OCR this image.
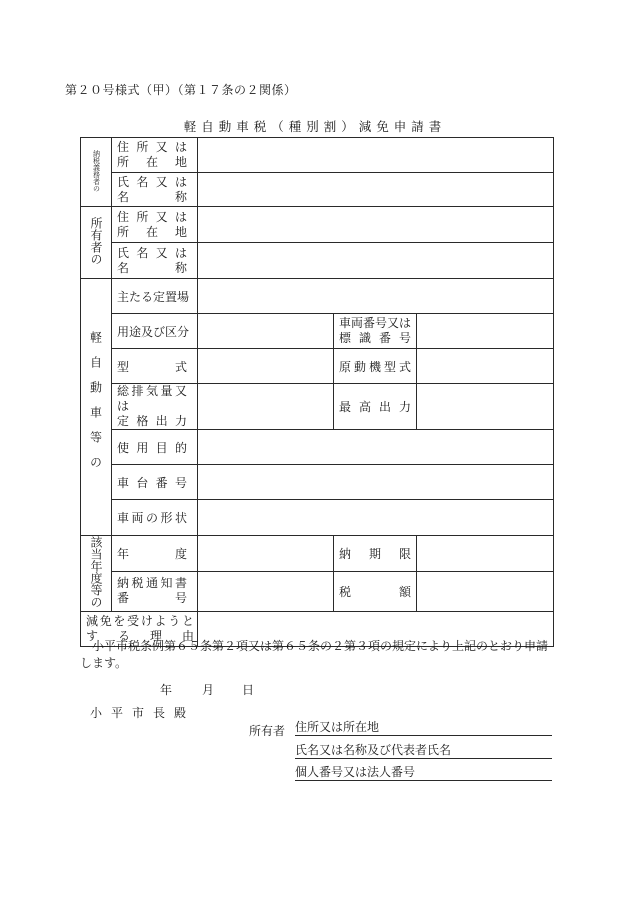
第２０号様式（甲）（第１７条の２関係）
軽自動車税（種別割）減免申請書
納税義務者の	住 所 又 は
所　在　地			

	氏 名 又 は
名　　　称			

所有者の	住 所 又 は
所　在　地			

	氏 名 又 は
名　　　称			

軽自動車等の	主たる定置場			
	用途及び区分		車両番号又は
標 識 番 号	

	型　　　式		原動機型式	

	総排気量又は
定 格 出 力		最 高 出 力	

	使 用 目 的			

	車 台 番 号			

	車両の形状			

該当年度等の	年　　　度		納　期　限	

	納税通知書
番　　　号		税　　　額	

減免を受けようと
す　る　理　由				

小平市税条例第６５条第２項又は第６５条の２第３項の規定により上記のとおり申請します。
年 月 日
小平市長殿
所有者 住所又は所在地
氏名又は名称及び代表者氏名
個人番号又は法人番号
